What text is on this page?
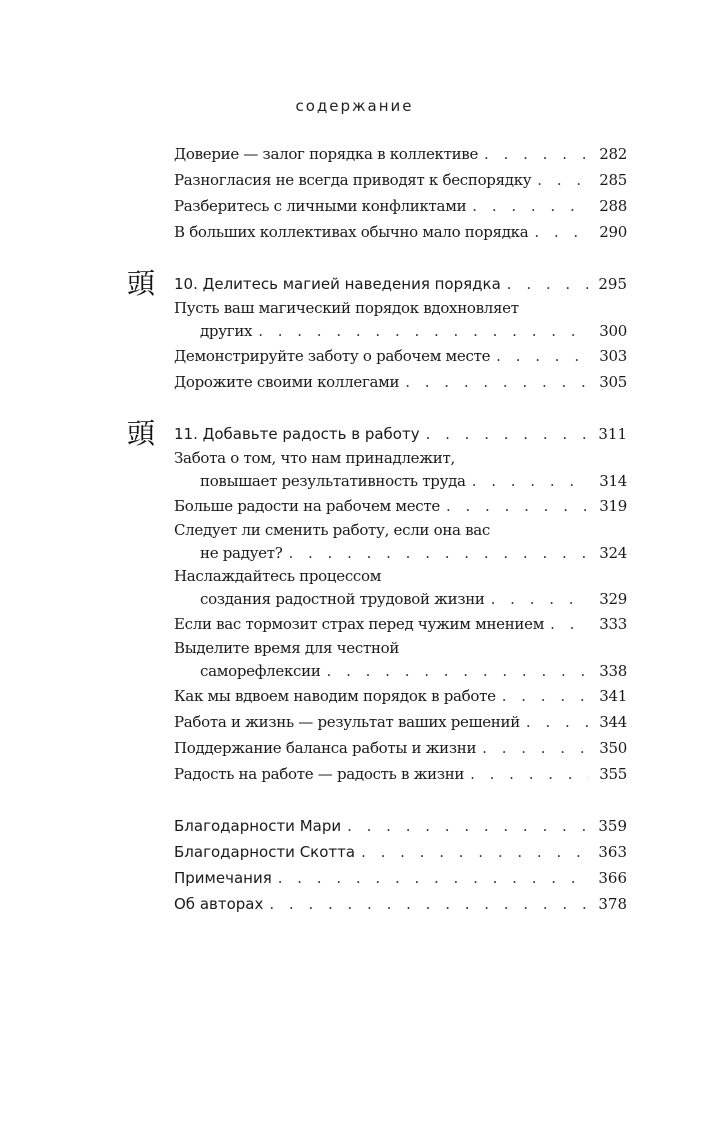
содержание
Доверие — залог порядка в коллективе . . .	282
Разногласия не всегда приводят к беспорядку . . .	285
Разберитесь с личными конфликтами . . .	288
В больших коллективах обычно мало порядка . . .	290
頭 10. Делитесь магией наведения порядка . . .	295
Пусть ваш магический порядок вдохновляет
других . . .	300
Демонстрируйте заботу о рабочем месте . . .	303
Дорожите своими коллегами . . .	305
頭 11. Добавьте радость в работу . . .	311
Забота о том, что нам принадлежит,
повышает результативность труда . . .	314
Больше радости на рабочем месте . . .	319
Следует ли сменить работу, если она вас
не радует? . . .	324
Наслаждайтесь процессом
создания радостной трудовой жизни . . .	329
Если вас тормозит страх перед чужим мнением . . .	333
Выделите время для честной
саморефлексии . . .	338
Как мы вдвоем наводим порядок в работе . . .	341
Работа и жизнь — результат ваших решений . . .	344
Поддержание баланса работы и жизни . . .	350
Радость на работе — радость в жизни . . .	355
Благодарности Мари . . .	359
Благодарности Скотта . . .	363
Примечания . . .	366
Об авторах . . .	378
